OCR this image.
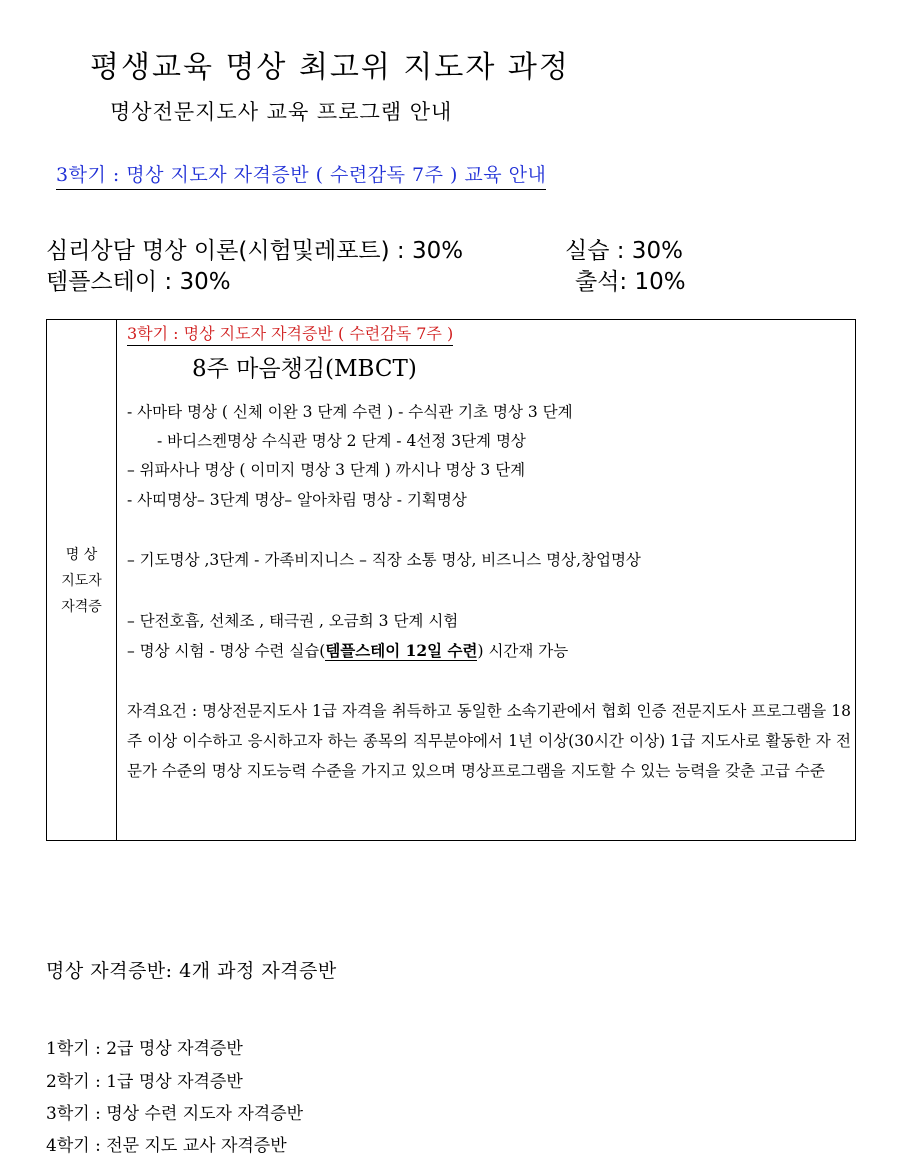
평생교육 명상 최고위 지도자 과정
명상전문지도사 교육 프로그램 안내
3학기 : 명상 지도자 자격증반 ( 수련감독 7주 ) 교육 안내
심리상담 명상 이론(시험및레포트) : 30%	실습 : 30%
템플스테이 : 30%	출석: 10%
명 상
지도자
자격증
3학기 : 명상 지도자 자격증반 ( 수련감독 7주 )
8주 마음챙김(MBCT)
- 사마타 명상 ( 신체 이완 3 단계 수련 ) - 수식관 기초 명상 3 단계
- 바디스켄명상 수식관 명상 2 단계 - 4선정 3단계 명상
– 위파사나 명상 ( 이미지 명상 3 단계 ) 까시나 명상 3 단계
- 사띠명상– 3단계 명상– 알아차림 명상 - 기획명상
– 기도명상 ,3단계 - 가족비지니스 – 직장 소통 명상, 비즈니스 명상,창업명상
– 단전호흡, 선체조 , 태극권 , 오금희 3 단계 시험
– 명상 시험 - 명상 수련 실습(템플스테이 12일 수련) 시간재 가능
자격요건 : 명상전문지도사 1급 자격을 취득하고 동일한 소속기관에서 협회 인증 전문지도사 프로그램을 18주 이상 이수하고 응시하고자 하는 종목의 직무분야에서 1년 이상(30시간 이상) 1급 지도사로 활동한 자 전문가 수준의 명상 지도능력 수준을 가지고 있으며 명상프로그램을 지도할 수 있는 능력을 갖춘 고급 수준
명상 자격증반: 4개 과정 자격증반
1학기 : 2급 명상 자격증반
2학기 : 1급 명상 자격증반
3학기 : 명상 수련 지도자 자격증반
4학기 : 전문 지도 교사 자격증반
